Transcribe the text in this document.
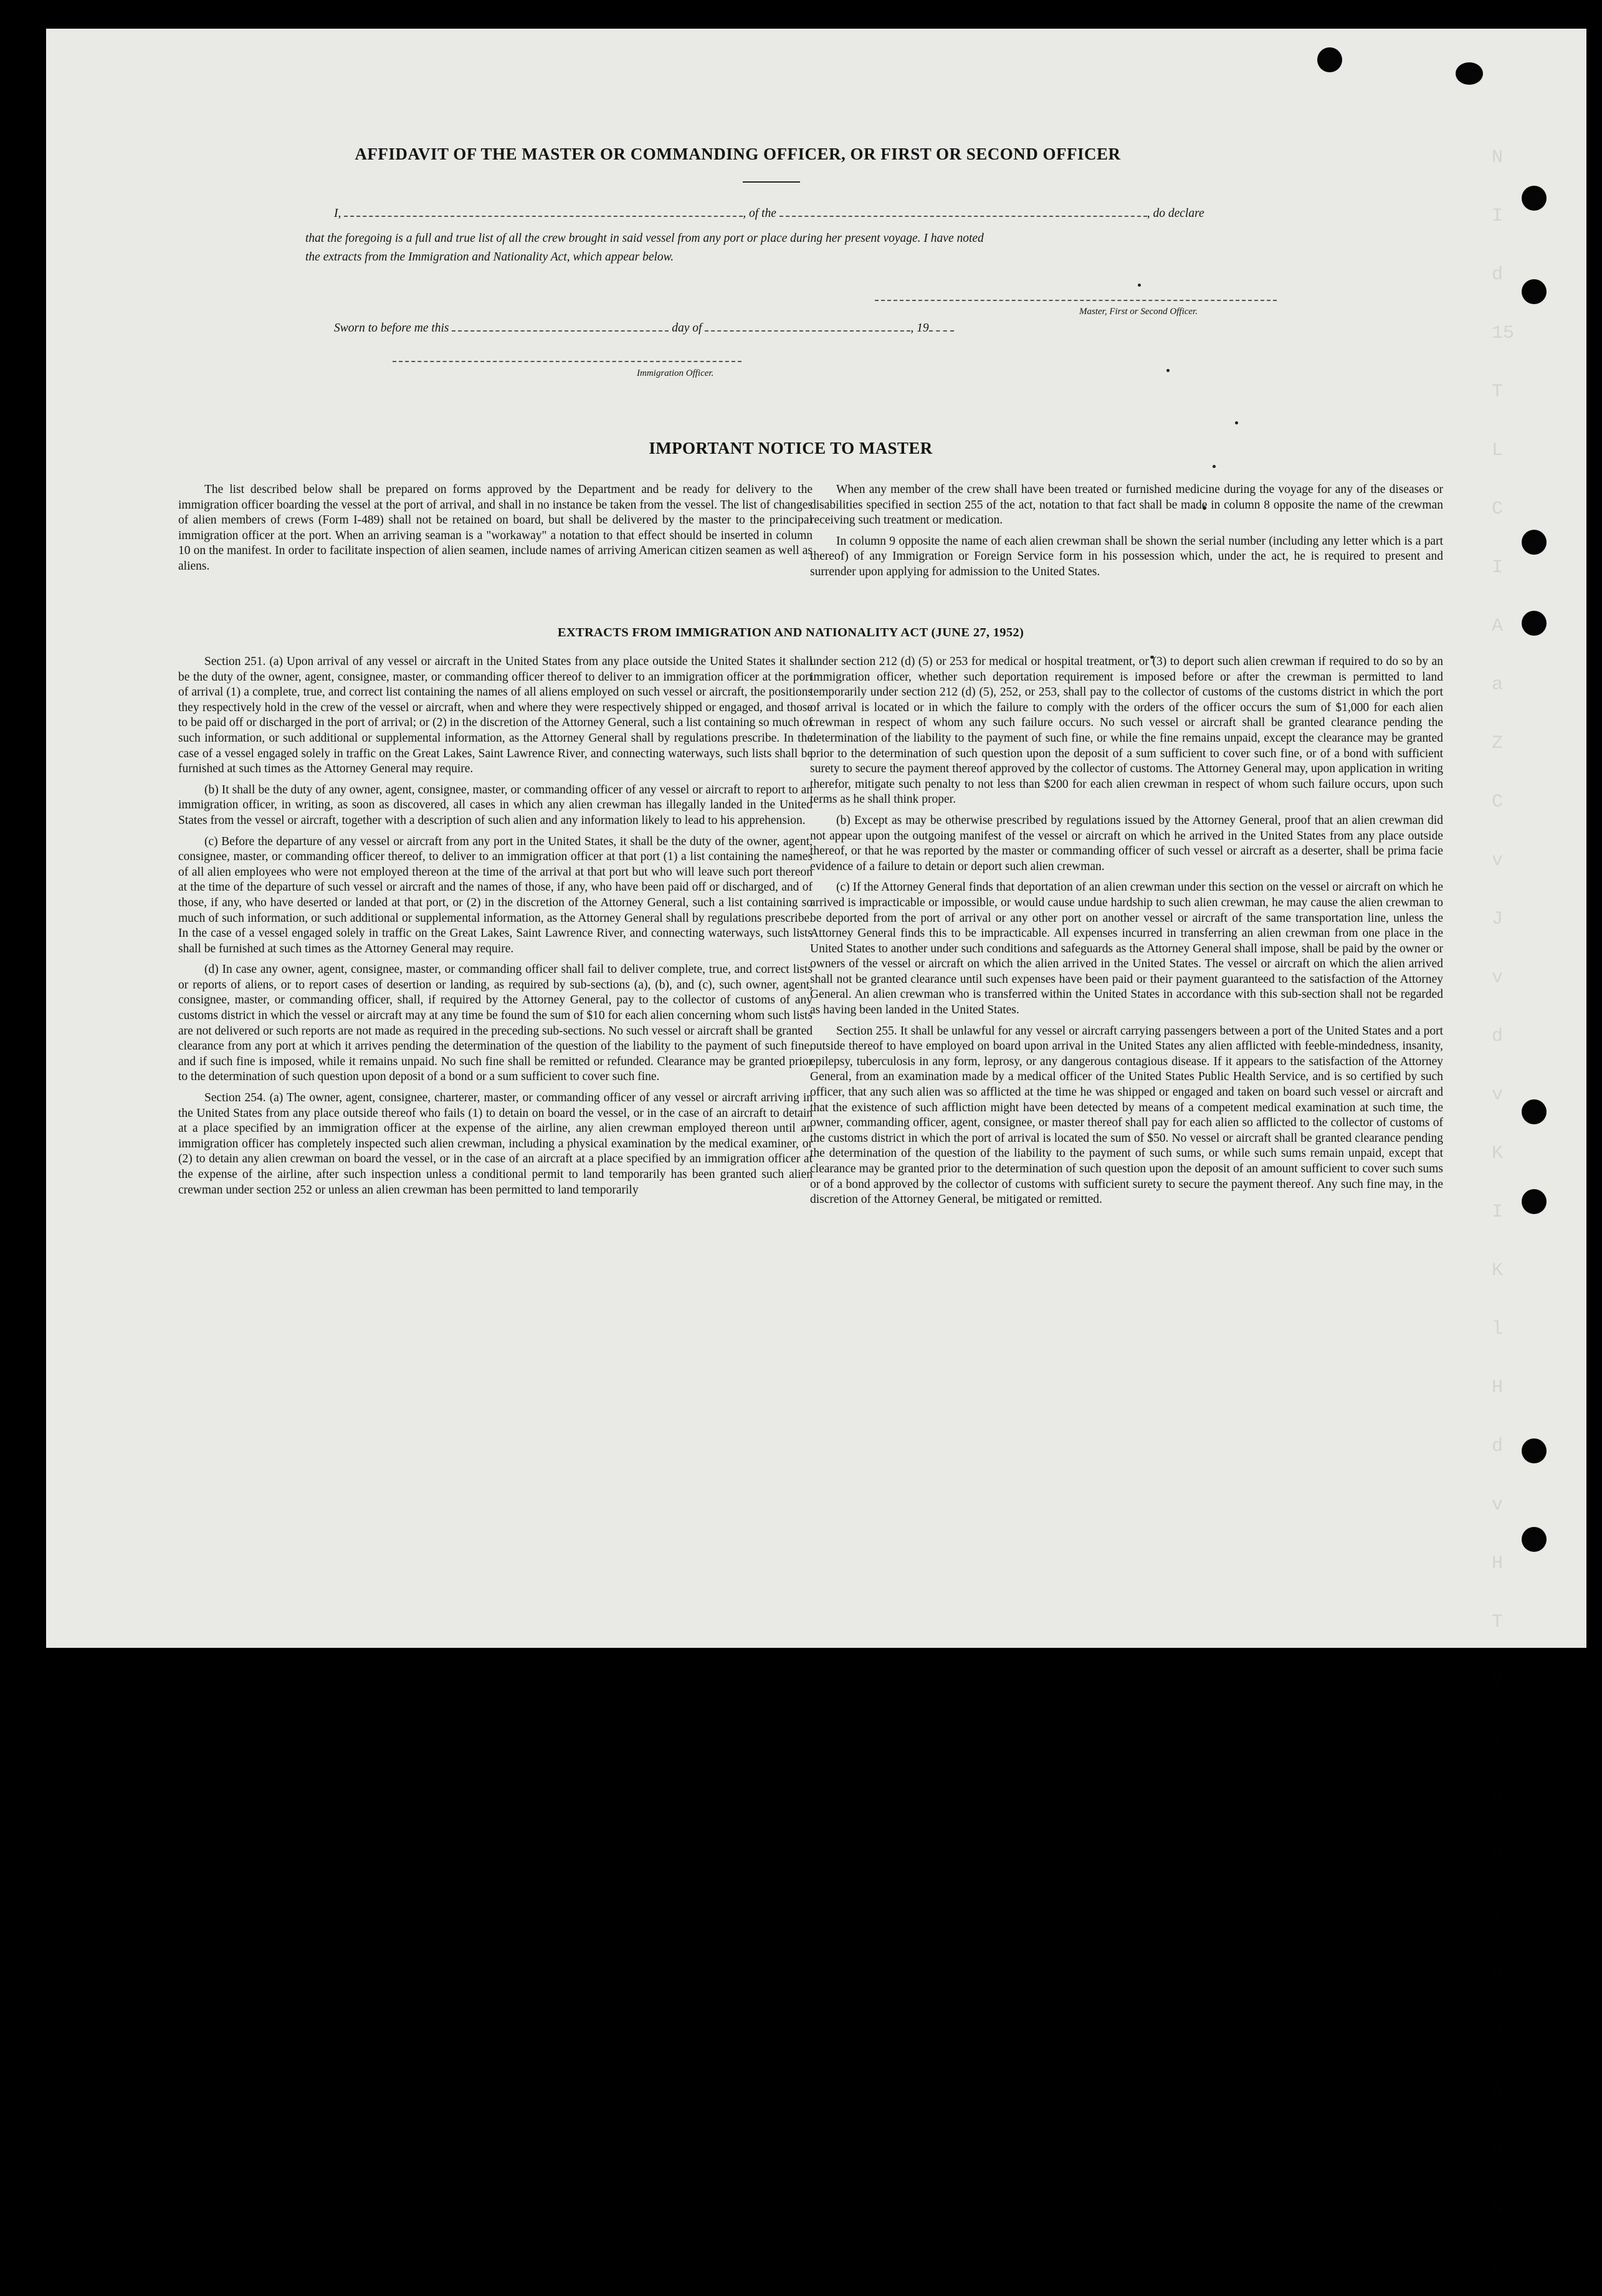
N
I
d
15
T
L
C
I
A
a
Z
C
v
J
v
d
v
K
I
K
l
H
d
v
H
T
V
V
d
V
V
v
d
A
V
N
v
AFFIDAVIT OF THE MASTER OR COMMANDING OFFICER, OR FIRST OR SECOND OFFICER
I,	, of the	, do declare
that the foregoing is a full and true list of all the crew brought in said vessel from any port or place during her present voyage. I have noted
the extracts from the Immigration and Nationality Act, which appear below.
Master, First or Second Officer.
Sworn to before me this	day of	, 19
Immigration Officer.
IMPORTANT NOTICE TO MASTER

The list described below shall be prepared on forms approved by the Department and be ready for delivery to the immigration officer boarding the vessel at the port of arrival, and shall in no instance be taken from the vessel. The list of changes of alien members of crews (Form I-489) shall not be retained on board, but shall be delivered by the master to the principal immigration officer at the port. When an arriving seaman is a "workaway" a notation to that effect should be inserted in column 10 on the manifest. In order to facilitate inspection of alien seamen, include names of arriving American citizen seamen as well as aliens.

When any member of the crew shall have been treated or furnished medicine during the voyage for any of the diseases or disabilities specified in section 255 of the act, notation to that fact shall be made in column 8 opposite the name of the crewman receiving such treatment or medication.

In column 9 opposite the name of each alien crewman shall be shown the serial number (including any letter which is a part thereof) of any Immigration or Foreign Service form in his possession which, under the act, he is required to present and surrender upon applying for admission to the United States.

EXTRACTS FROM IMMIGRATION AND NATIONALITY ACT (JUNE 27, 1952)

Section 251. (a) Upon arrival of any vessel or aircraft in the United States from any place outside the United States it shall be the duty of the owner, agent, consignee, master, or commanding officer thereof to deliver to an immigration officer at the port of arrival (1) a complete, true, and correct list containing the names of all aliens employed on such vessel or aircraft, the positions they respectively hold in the crew of the vessel or aircraft, when and where they were respectively shipped or engaged, and those to be paid off or discharged in the port of arrival; or (2) in the discretion of the Attorney General, such a list containing so much of such information, or such additional or supplemental information, as the Attorney General shall by regulations prescribe. In the case of a vessel engaged solely in traffic on the Great Lakes, Saint Lawrence River, and connecting waterways, such lists shall be furnished at such times as the Attorney General may require.

(b) It shall be the duty of any owner, agent, consignee, master, or commanding officer of any vessel or aircraft to report to an immigration officer, in writing, as soon as discovered, all cases in which any alien crewman has illegally landed in the United States from the vessel or aircraft, together with a description of such alien and any information likely to lead to his apprehension.

(c) Before the departure of any vessel or aircraft from any port in the United States, it shall be the duty of the owner, agent, consignee, master, or commanding officer thereof, to deliver to an immigration officer at that port (1) a list containing the names of all alien employees who were not employed thereon at the time of the arrival at that port but who will leave such port thereon at the time of the departure of such vessel or aircraft and the names of those, if any, who have been paid off or discharged, and of those, if any, who have deserted or landed at that port, or (2) in the discretion of the Attorney General, such a list containing so much of such information, or such additional or supplemental information, as the Attorney General shall by regulations prescribe. In the case of a vessel engaged solely in traffic on the Great Lakes, Saint Lawrence River, and connecting waterways, such lists shall be furnished at such times as the Attorney General may require.

(d) In case any owner, agent, consignee, master, or commanding officer shall fail to deliver complete, true, and correct lists or reports of aliens, or to report cases of desertion or landing, as required by sub-sections (a), (b), and (c), such owner, agent, consignee, master, or commanding officer, shall, if required by the Attorney General, pay to the collector of customs of any customs district in which the vessel or aircraft may at any time be found the sum of $10 for each alien concerning whom such lists are not delivered or such reports are not made as required in the preceding sub-sections. No such vessel or aircraft shall be granted clearance from any port at which it arrives pending the determination of the question of the liability to the payment of such fine, and if such fine is imposed, while it remains unpaid. No such fine shall be remitted or refunded. Clearance may be granted prior to the determination of such question upon deposit of a bond or a sum sufficient to cover such fine.

Section 254. (a) The owner, agent, consignee, charterer, master, or commanding officer of any vessel or aircraft arriving in the United States from any place outside thereof who fails (1) to detain on board the vessel, or in the case of an aircraft to detain at a place specified by an immigration officer at the expense of the airline, any alien crewman employed thereon until an immigration officer has completely inspected such alien crewman, including a physical examination by the medical examiner, or (2) to detain any alien crewman on board the vessel, or in the case of an aircraft at a place specified by an immigration officer at the expense of the airline, after such inspection unless a conditional permit to land temporarily has been granted such alien crewman under section 252 or unless an alien crewman has been permitted to land temporarily

under section 212 (d) (5) or 253 for medical or hospital treatment, or (3) to deport such alien crewman if required to do so by an immigration officer, whether such deportation requirement is imposed before or after the crewman is permitted to land temporarily under section 212 (d) (5), 252, or 253, shall pay to the collector of customs of the customs district in which the port of arrival is located or in which the failure to comply with the orders of the officer occurs the sum of $1,000 for each alien crewman in respect of whom any such failure occurs. No such vessel or aircraft shall be granted clearance pending the determination of the liability to the payment of such fine, or while the fine remains unpaid, except the clearance may be granted prior to the determination of such question upon the deposit of a sum sufficient to cover such fine, or of a bond with sufficient surety to secure the payment thereof approved by the collector of customs. The Attorney General may, upon application in writing therefor, mitigate such penalty to not less than $200 for each alien crewman in respect of whom such failure occurs, upon such terms as he shall think proper.

(b) Except as may be otherwise prescribed by regulations issued by the Attorney General, proof that an alien crewman did not appear upon the outgoing manifest of the vessel or aircraft on which he arrived in the United States from any place outside thereof, or that he was reported by the master or commanding officer of such vessel or aircraft as a deserter, shall be prima facie evidence of a failure to detain or deport such alien crewman.

(c) If the Attorney General finds that deportation of an alien crewman under this section on the vessel or aircraft on which he arrived is impracticable or impossible, or would cause undue hardship to such alien crewman, he may cause the alien crewman to be deported from the port of arrival or any other port on another vessel or aircraft of the same transportation line, unless the Attorney General finds this to be impracticable. All expenses incurred in transferring an alien crewman from one place in the United States to another under such conditions and safeguards as the Attorney General shall impose, shall be paid by the owner or owners of the vessel or aircraft on which the alien arrived in the United States. The vessel or aircraft on which the alien arrived shall not be granted clearance until such expenses have been paid or their payment guaranteed to the satisfaction of the Attorney General. An alien crewman who is transferred within the United States in accordance with this sub-section shall not be regarded as having been landed in the United States.

Section 255. It shall be unlawful for any vessel or aircraft carrying passengers between a port of the United States and a port outside thereof to have employed on board upon arrival in the United States any alien afflicted with feeble-mindedness, insanity, epilepsy, tuberculosis in any form, leprosy, or any dangerous contagious disease. If it appears to the satisfaction of the Attorney General, from an examination made by a medical officer of the United States Public Health Service, and is so certified by such officer, that any such alien was so afflicted at the time he was shipped or engaged and taken on board such vessel or aircraft and that the existence of such affliction might have been detected by means of a competent medical examination at such time, the owner, commanding officer, agent, consignee, or master thereof shall pay for each alien so afflicted to the collector of customs of the customs district in which the port of arrival is located the sum of $50. No vessel or aircraft shall be granted clearance pending the determination of the question of the liability to the payment of such sums, or while such sums remain unpaid, except that clearance may be granted prior to the determination of such question upon the deposit of an amount sufficient to cover such sums or of a bond approved by the collector of customs with sufficient surety to secure the payment thereof. Any such fine may, in the discretion of the Attorney General, be mitigated or remitted.
